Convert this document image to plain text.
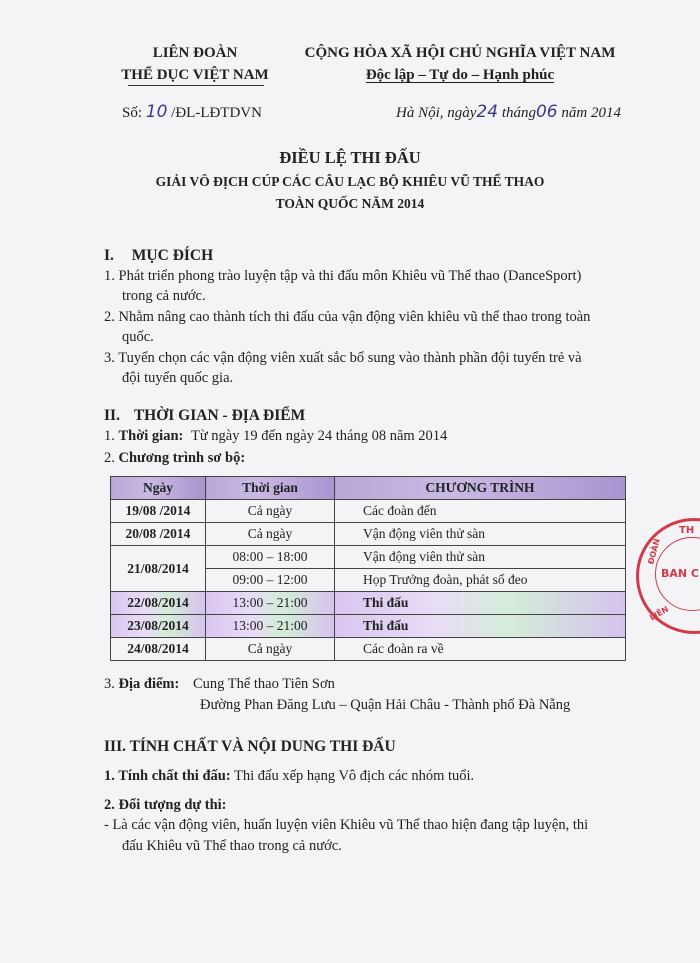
LIÊN ĐOÀN
THỂ DỤC VIỆT NAM
CỘNG HÒA XÃ HỘI CHỦ NGHĨA VIỆT NAM
Độc lập – Tự do – Hạnh phúc
Số: 10 /ĐL-LĐTDVN	Hà Nội, ngày24 tháng06 năm 2014
ĐIỀU LỆ THI ĐẤU
GIẢI VÔ ĐỊCH CÚP CÁC CÂU LẠC BỘ KHIÊU VŨ THỂ THAO
TOÀN QUỐC NĂM 2014
I. MỤC ĐÍCH
1. Phát triển phong trào luyện tập và thi đấu môn Khiêu vũ Thể thao (DanceSport)
trong cả nước.
2. Nhằm nâng cao thành tích thi đấu của vận động viên khiêu vũ thể thao trong toàn
quốc.
3. Tuyển chọn các vận động viên xuất sắc bổ sung vào thành phần đội tuyển trẻ và
đội tuyển quốc gia.
II. THỜI GIAN - ĐỊA ĐIỂM
1. Thời gian: Từ ngày 19 đến ngày 24 tháng 08 năm 2014
2. Chương trình sơ bộ:
Ngày	Thời gian	CHƯƠNG TRÌNH
19/08 /2014	Cả ngày	Các đoàn đến
20/08 /2014	Cả ngày	Vận động viên thử sàn
21/08/2014	08:00 – 18:00	Vận động viên thử sàn
	09:00 – 12:00	Họp Trưởng đoàn, phát số đeo
22/08/2014	13:00 – 21:00	Thi đấu
23/08/2014	13:00 – 21:00	Thi đấu
24/08/2014	Cả ngày	Các đoàn ra về
3. Địa điểm: Cung Thể thao Tiên Sơn
Đường Phan Đăng Lưu – Quận Hải Châu - Thành phố Đà Nẵng
III. TÍNH CHẤT VÀ NỘI DUNG THI ĐẤU
1. Tính chất thi đấu: Thi đấu xếp hạng Vô địch các nhóm tuổi.
2. Đối tượng dự thi:
- Là các vận động viên, huấn luyện viên Khiêu vũ Thể thao hiện đang tập luyện, thi
đấu Khiêu vũ Thể thao trong cả nước.
TH
BAN C
ĐOÀN
LIÊN
